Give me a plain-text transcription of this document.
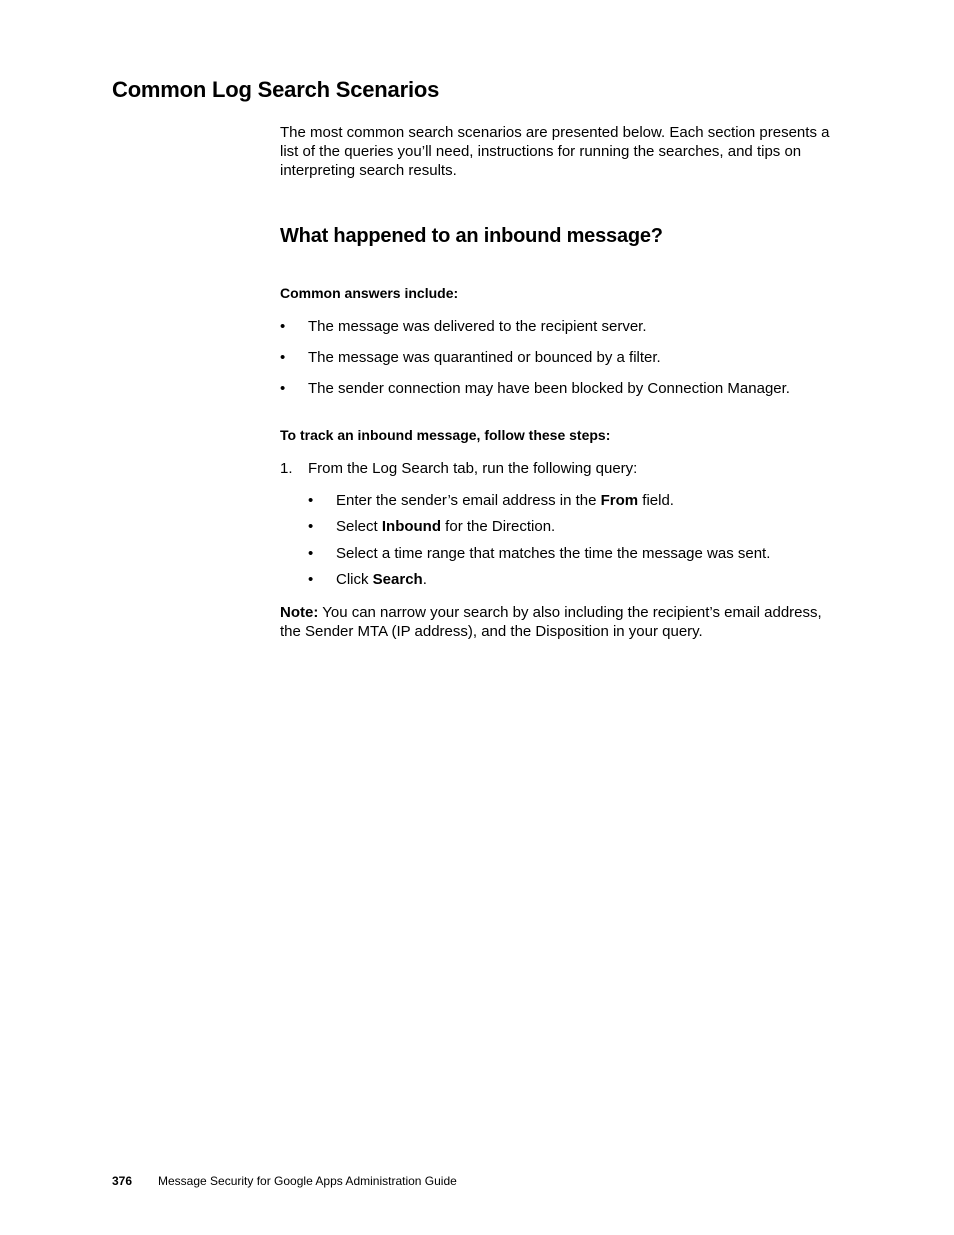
Common Log Search Scenarios

The most common search scenarios are presented below. Each section presents a list of the queries you’ll need, instructions for running the searches, and tips on interpreting search results.

What happened to an inbound message?
Common answers include:
• The message was delivered to the recipient server.
• The message was quarantined or bounced by a filter.
• The sender connection may have been blocked by Connection Manager.
To track an inbound message, follow these steps:
1. From the Log Search tab, run the following query:
• Enter the sender’s email address in the From field.
• Select Inbound for the Direction.
• Select a time range that matches the time the message was sent.
• Click Search.

Note: You can narrow your search by also including the recipient’s email address, the Sender MTA (IP address), and the Disposition in your query.

376 Message Security for Google Apps Administration Guide
